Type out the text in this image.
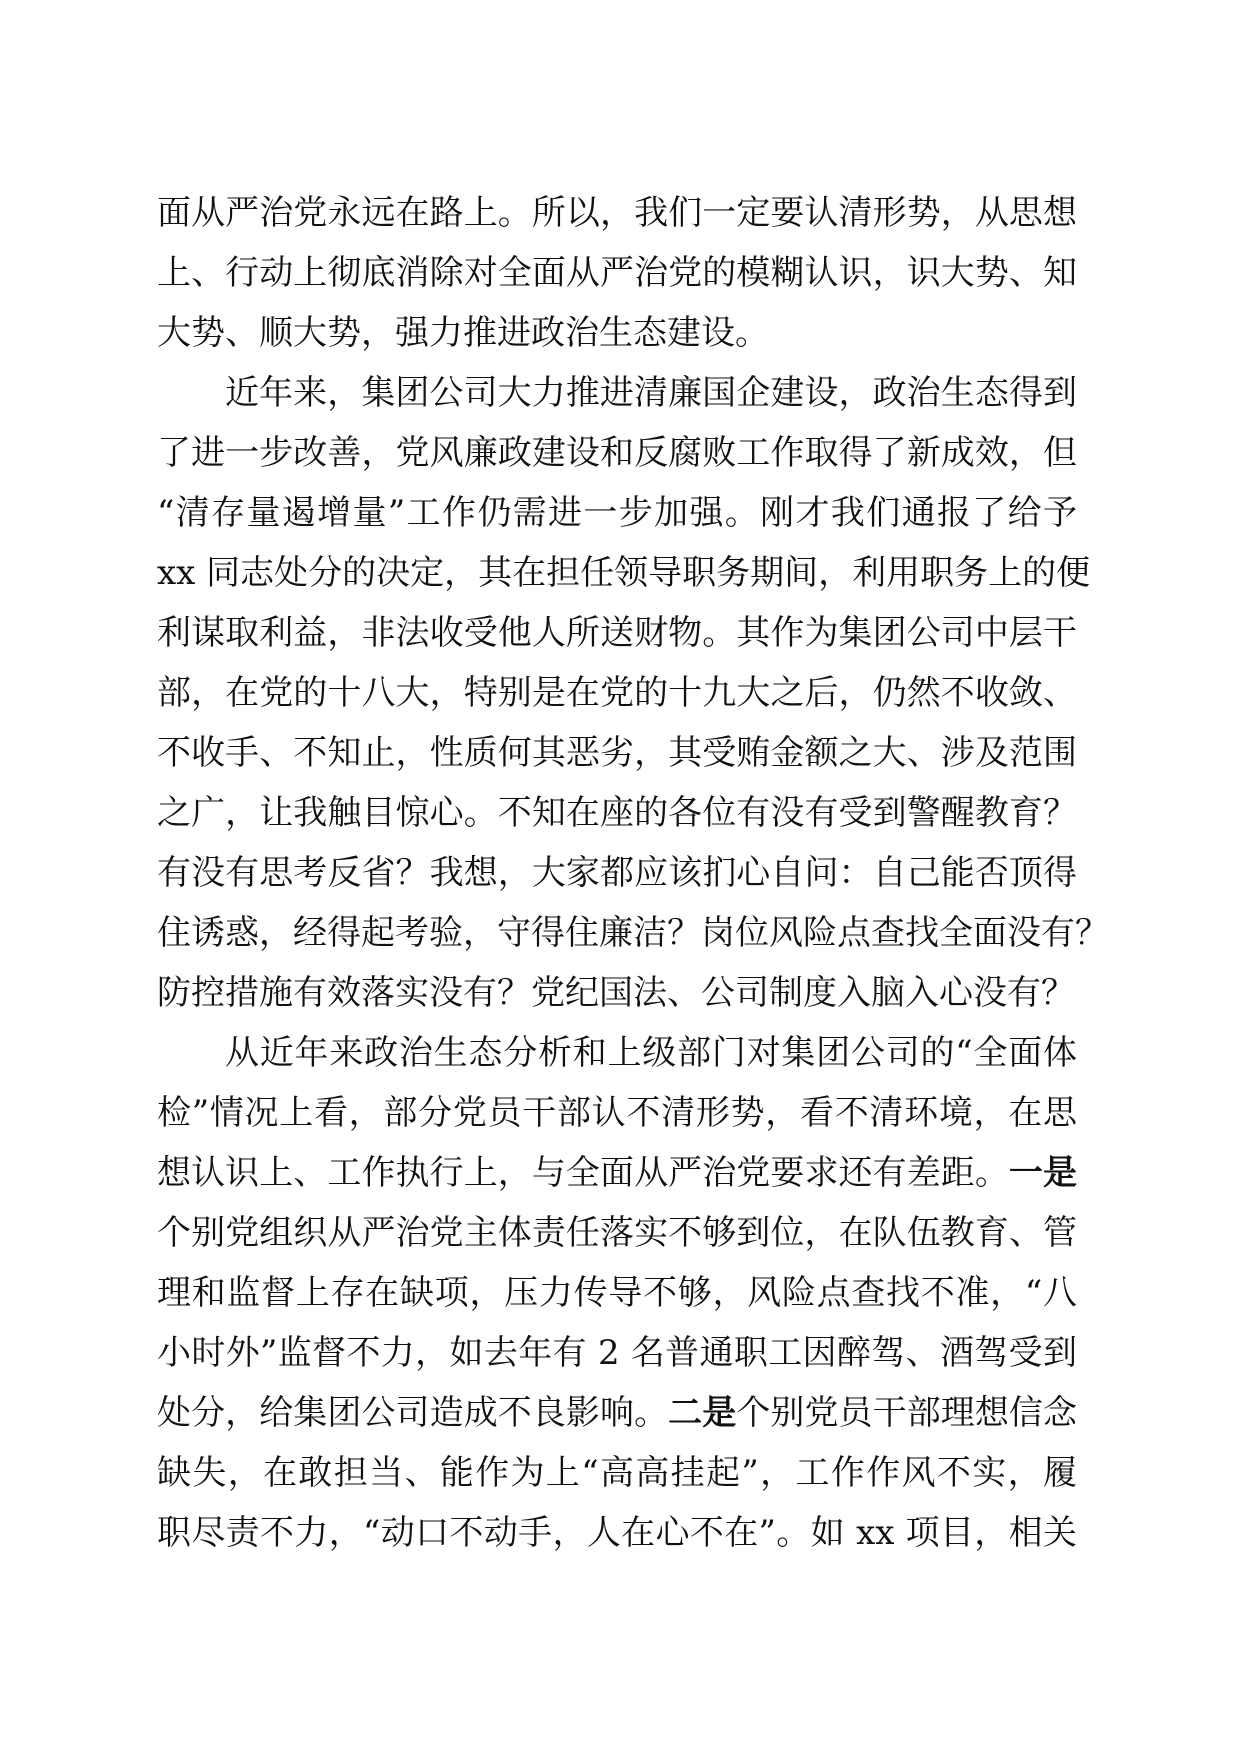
面从严治党永远在路上。所以，我们一定要认清形势，从思想
上、行动上彻底消除对全面从严治党的模糊认识，识大势、知
大势、顺大势，强力推进政治生态建设。
近年来，集团公司大力推进清廉国企建设，政治生态得到
了进一步改善，党风廉政建设和反腐败工作取得了新成效，但
“清存量遏增量”工作仍需进一步加强。刚才我们通报了给予
xx 同志处分的决定，其在担任领导职务期间，利用职务上的便
利谋取利益，非法收受他人所送财物。其作为集团公司中层干
部，在党的十八大，特别是在党的十九大之后，仍然不收敛、
不收手、不知止，性质何其恶劣，其受贿金额之大、涉及范围
之广，让我触目惊心。不知在座的各位有没有受到警醒教育？
有没有思考反省？我想，大家都应该扪心自问：自己能否顶得
住诱惑，经得起考验，守得住廉洁？岗位风险点查找全面没有？
防控措施有效落实没有？党纪国法、公司制度入脑入心没有？
从近年来政治生态分析和上级部门对集团公司的“全面体
检”情况上看，部分党员干部认不清形势，看不清环境，在思
想认识上、工作执行上，与全面从严治党要求还有差距。一是
个别党组织从严治党主体责任落实不够到位，在队伍教育、管
理和监督上存在缺项，压力传导不够，风险点查找不准，“八
小时外”监督不力，如去年有 2 名普通职工因醉驾、酒驾受到
处分，给集团公司造成不良影响。二是个别党员干部理想信念
缺失，在敢担当、能作为上“高高挂起”，工作作风不实，履
职尽责不力，“动口不动手，人在心不在”。如 xx 项目，相关
